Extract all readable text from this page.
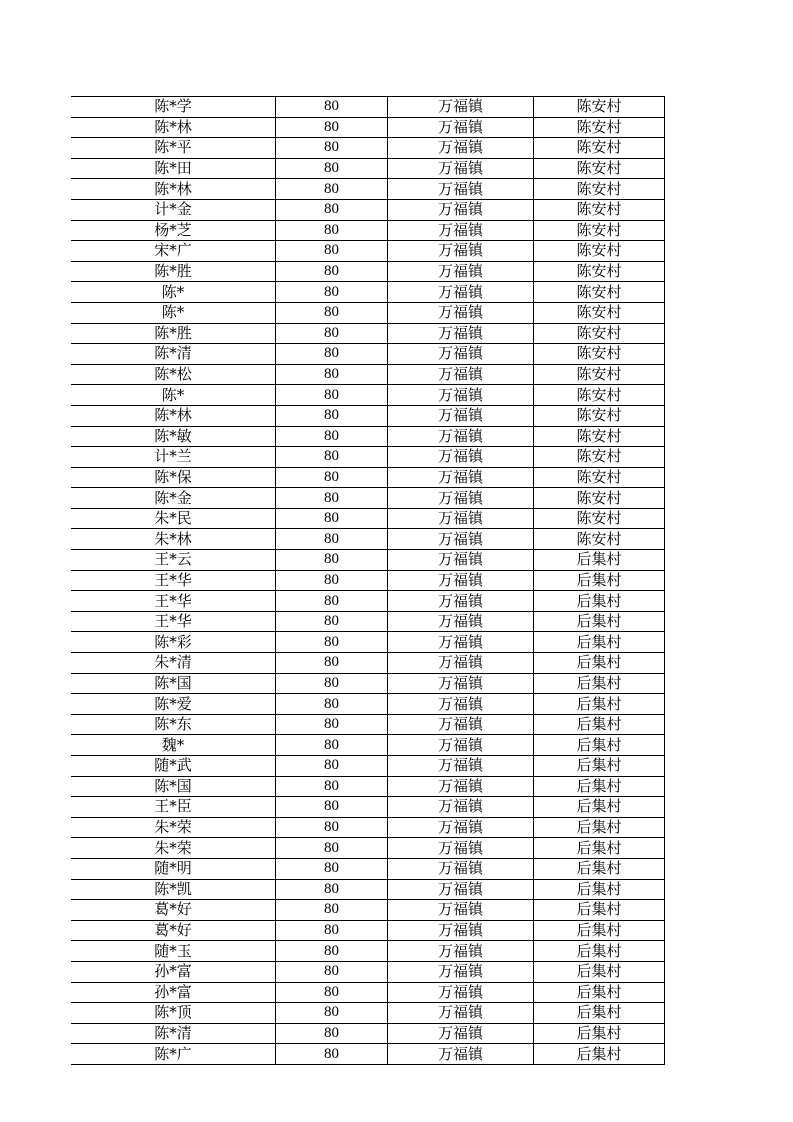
陈*学	80	万福镇	陈安村
陈*林	80	万福镇	陈安村
陈*平	80	万福镇	陈安村
陈*田	80	万福镇	陈安村
陈*林	80	万福镇	陈安村
计*金	80	万福镇	陈安村
杨*芝	80	万福镇	陈安村
宋*广	80	万福镇	陈安村
陈*胜	80	万福镇	陈安村
陈*	80	万福镇	陈安村
陈*	80	万福镇	陈安村
陈*胜	80	万福镇	陈安村
陈*清	80	万福镇	陈安村
陈*松	80	万福镇	陈安村
陈*	80	万福镇	陈安村
陈*林	80	万福镇	陈安村
陈*敏	80	万福镇	陈安村
计*兰	80	万福镇	陈安村
陈*保	80	万福镇	陈安村
陈*金	80	万福镇	陈安村
朱*民	80	万福镇	陈安村
朱*林	80	万福镇	陈安村
王*云	80	万福镇	后集村
王*华	80	万福镇	后集村
王*华	80	万福镇	后集村
王*华	80	万福镇	后集村
陈*彩	80	万福镇	后集村
朱*清	80	万福镇	后集村
陈*国	80	万福镇	后集村
陈*爱	80	万福镇	后集村
陈*东	80	万福镇	后集村
魏*	80	万福镇	后集村
随*武	80	万福镇	后集村
陈*国	80	万福镇	后集村
王*臣	80	万福镇	后集村
朱*荣	80	万福镇	后集村
朱*荣	80	万福镇	后集村
随*明	80	万福镇	后集村
陈*凯	80	万福镇	后集村
葛*好	80	万福镇	后集村
葛*好	80	万福镇	后集村
随*玉	80	万福镇	后集村
孙*富	80	万福镇	后集村
孙*富	80	万福镇	后集村
陈*顶	80	万福镇	后集村
陈*清	80	万福镇	后集村
陈*广	80	万福镇	后集村
